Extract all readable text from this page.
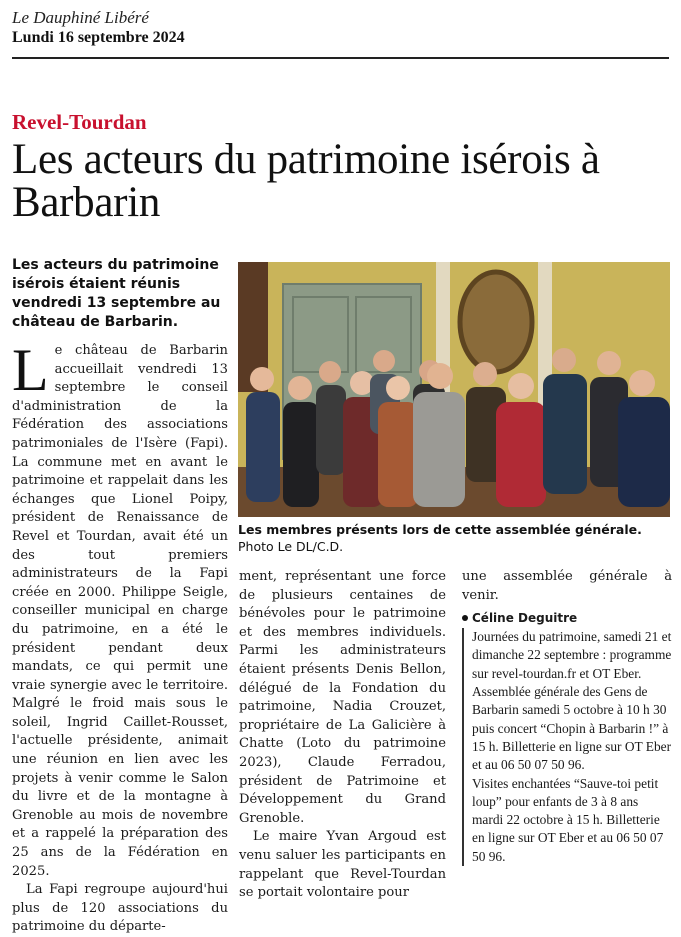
Le Dauphiné Libéré
Lundi 16 septembre 2024
Revel-Tourdan
Les acteurs du patrimoine isérois à Barbarin
Les acteurs du patrimoine isérois étaient réunis vendredi 13 septembre au château de Barbarin.

Le château de Barbarin accueillait vendredi 13 septembre le conseil d'administration de la Fédération des associations patrimoniales de l'Isère (Fapi). La commune met en avant le patrimoine et rappelait dans les échanges que Lionel Poipy, président de Renaissance de Revel et Tourdan, avait été un des tout premiers administrateurs de la Fapi créée en 2000. Philippe Seigle, conseiller municipal en charge du patrimoine, en a été le président pendant deux mandats, ce qui permit une vraie synergie avec le territoire. Malgré le froid mais sous le soleil, Ingrid Caillet-Rousset, l'actuelle présidente, animait une réunion en lien avec les projets à venir comme le Salon du livre et de la montagne à Grenoble au mois de novembre et a rappelé la préparation des 25 ans de la Fédération en 2025.

La Fapi regroupe aujourd'hui plus de 120 associations du patrimoine du départe-

Les membres présents lors de cette assemblée générale.
Photo Le DL/C.D.

ment, représentant une force de plusieurs centaines de bénévoles pour le patrimoine et des membres individuels. Parmi les administrateurs étaient présents Denis Bellon, délégué de la Fondation du patrimoine, Nadia Crouzet, propriétaire de La Galicière à Chatte (Loto du patrimoine 2023), Claude Ferradou, président de Patrimoine et Développement du Grand Grenoble.

Le maire Yvan Argoud est venu saluer les participants en rappelant que Revel-Tourdan se portait volontaire pour

une assemblée générale à venir.

Céline Deguitre

Journées du patrimoine, samedi 21 et dimanche 22 septembre : programme sur revel-tourdan.fr et OT Eber.

Assemblée générale des Gens de Barbarin samedi 5 octobre à 10 h 30 puis concert “Chopin à Barbarin !” à 15 h. Billetterie en ligne sur OT Eber et au 06 50 07 50 96.

Visites enchantées “Sauve-toi petit loup” pour enfants de 3 à 8 ans mardi 22 octobre à 15 h. Billetterie en ligne sur OT Eber et au 06 50 07 50 96.
